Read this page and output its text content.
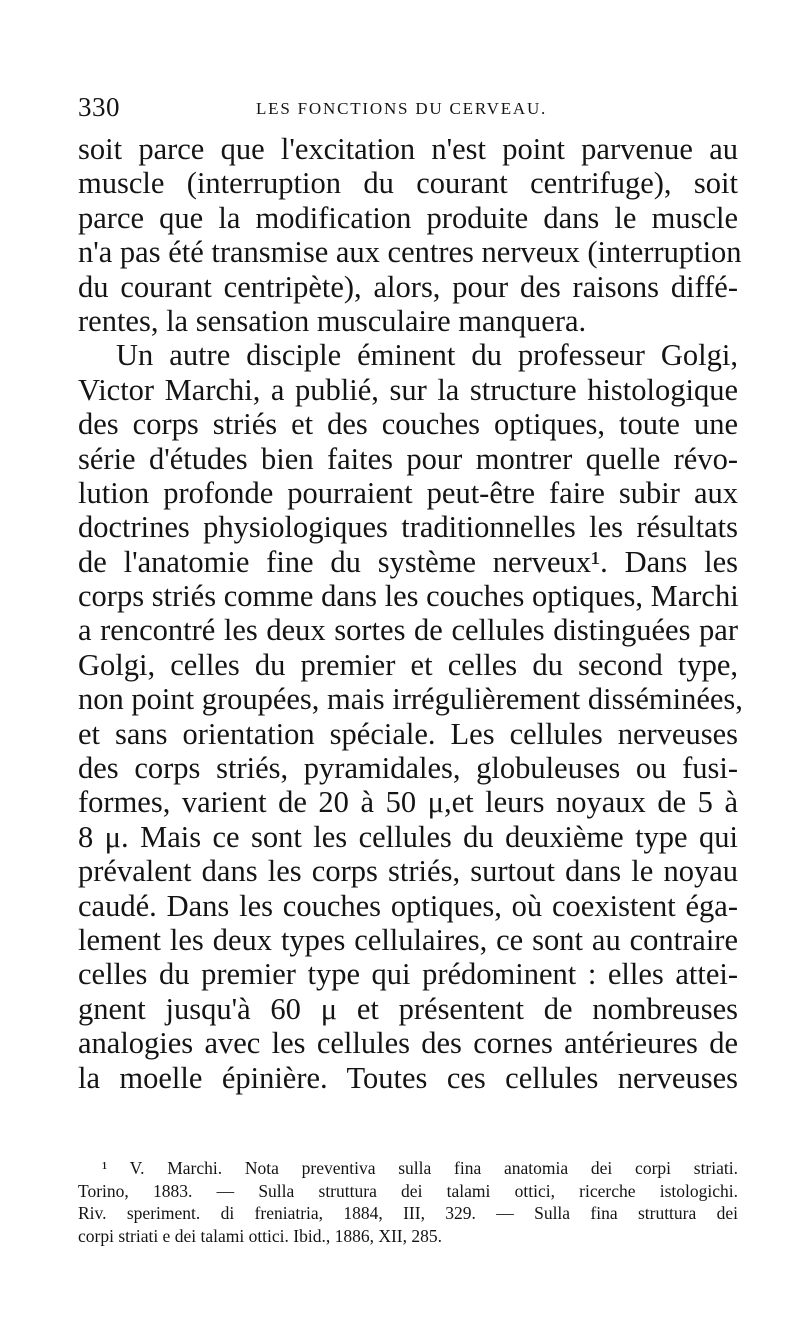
330	LES FONCTIONS DU CERVEAU.
soit parce que l'excitation n'est point parvenue au
muscle (interruption du courant centrifuge), soit
parce que la modification produite dans le muscle
n'a pas été transmise aux centres nerveux (interruption
du courant centripète), alors, pour des raisons diffé-
rentes, la sensation musculaire manquera.
Un autre disciple éminent du professeur Golgi,
Victor Marchi, a publié, sur la structure histologique
des corps striés et des couches optiques, toute une
série d'études bien faites pour montrer quelle révo-
lution profonde pourraient peut-être faire subir aux
doctrines physiologiques traditionnelles les résultats
de l'anatomie fine du système nerveux¹. Dans les
corps striés comme dans les couches optiques, Marchi
a rencontré les deux sortes de cellules distinguées par
Golgi, celles du premier et celles du second type,
non point groupées, mais irrégulièrement disséminées,
et sans orientation spéciale. Les cellules nerveuses
des corps striés, pyramidales, globuleuses ou fusi-
formes, varient de 20 à 50 μ,et leurs noyaux de 5 à
8 μ. Mais ce sont les cellules du deuxième type qui
prévalent dans les corps striés, surtout dans le noyau
caudé. Dans les couches optiques, où coexistent éga-
lement les deux types cellulaires, ce sont au contraire
celles du premier type qui prédominent : elles attei-
gnent jusqu'à 60 μ et présentent de nombreuses
analogies avec les cellules des cornes antérieures de
la moelle épinière. Toutes ces cellules nerveuses
¹ V. Marchi. Nota preventiva sulla fina anatomia dei corpi striati.
Torino, 1883. — Sulla struttura dei talami ottici, ricerche istologichi.
Riv. speriment. di freniatria, 1884, III, 329. — Sulla fina struttura dei
corpi striati e dei talami ottici. Ibid., 1886, XII, 285.
